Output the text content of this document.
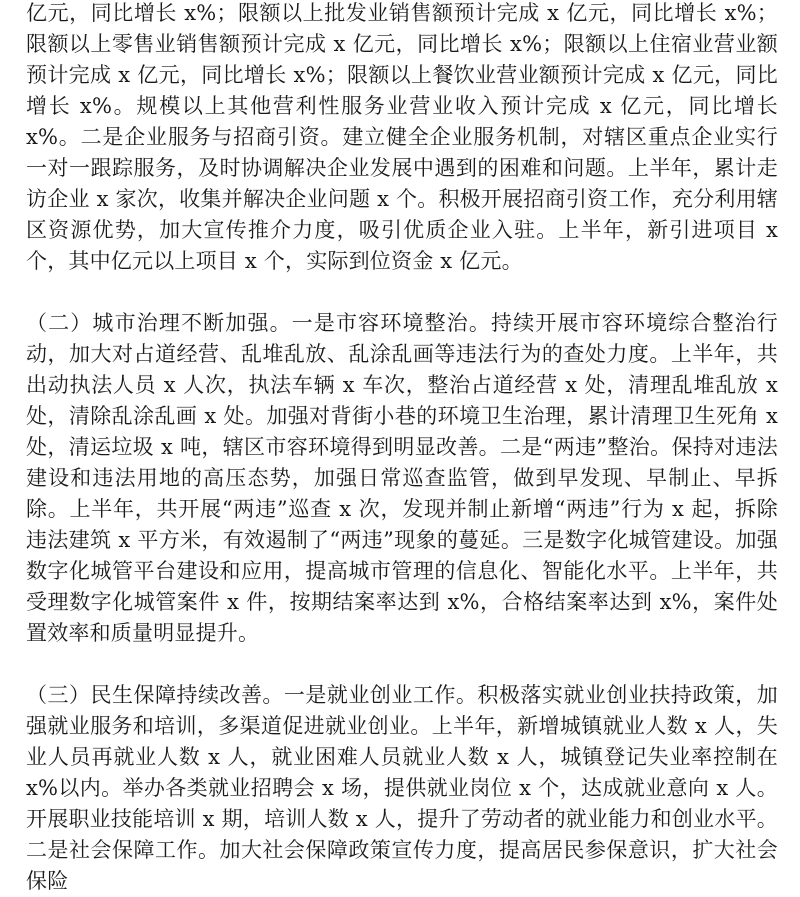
亿元，同比增长 x%；限额以上批发业销售额预计完成 x 亿元，同比增长 x%；限额以上零售业销售额预计完成 x 亿元，同比增长 x%；限额以上住宿业营业额预计完成 x 亿元，同比增长 x%；限额以上餐饮业营业额预计完成 x 亿元，同比增长 x%。规模以上其他营利性服务业营业收入预计完成 x 亿元，同比增长 x%。二是企业服务与招商引资。建立健全企业服务机制，对辖区重点企业实行一对一跟踪服务，及时协调解决企业发展中遇到的困难和问题。上半年，累计走访企业 x 家次，收集并解决企业问题 x 个。积极开展招商引资工作，充分利用辖区资源优势，加大宣传推介力度，吸引优质企业入驻。上半年，新引进项目 x 个，其中亿元以上项目 x 个，实际到位资金 x 亿元。

（二）城市治理不断加强。一是市容环境整治。持续开展市容环境综合整治行动，加大对占道经营、乱堆乱放、乱涂乱画等违法行为的查处力度。上半年，共出动执法人员 x 人次，执法车辆 x 车次，整治占道经营 x 处，清理乱堆乱放 x 处，清除乱涂乱画 x 处。加强对背街小巷的环境卫生治理，累计清理卫生死角 x 处，清运垃圾 x 吨，辖区市容环境得到明显改善。二是“两违”整治。保持对违法建设和违法用地的高压态势，加强日常巡查监管，做到早发现、早制止、早拆除。上半年，共开展“两违”巡查 x 次，发现并制止新增“两违”行为 x 起，拆除违法建筑 x 平方米，有效遏制了“两违”现象的蔓延。三是数字化城管建设。加强数字化城管平台建设和应用，提高城市管理的信息化、智能化水平。上半年，共受理数字化城管案件 x 件，按期结案率达到 x%，合格结案率达到 x%，案件处置效率和质量明显提升。

（三）民生保障持续改善。一是就业创业工作。积极落实就业创业扶持政策，加强就业服务和培训，多渠道促进就业创业。上半年，新增城镇就业人数 x 人，失业人员再就业人数 x 人，就业困难人员就业人数 x 人，城镇登记失业率控制在 x%以内。举办各类就业招聘会 x 场，提供就业岗位 x 个，达成就业意向 x 人。开展职业技能培训 x 期，培训人数 x 人，提升了劳动者的就业能力和创业水平。二是社会保障工作。加大社会保障政策宣传力度，提高居民参保意识，扩大社会保险
